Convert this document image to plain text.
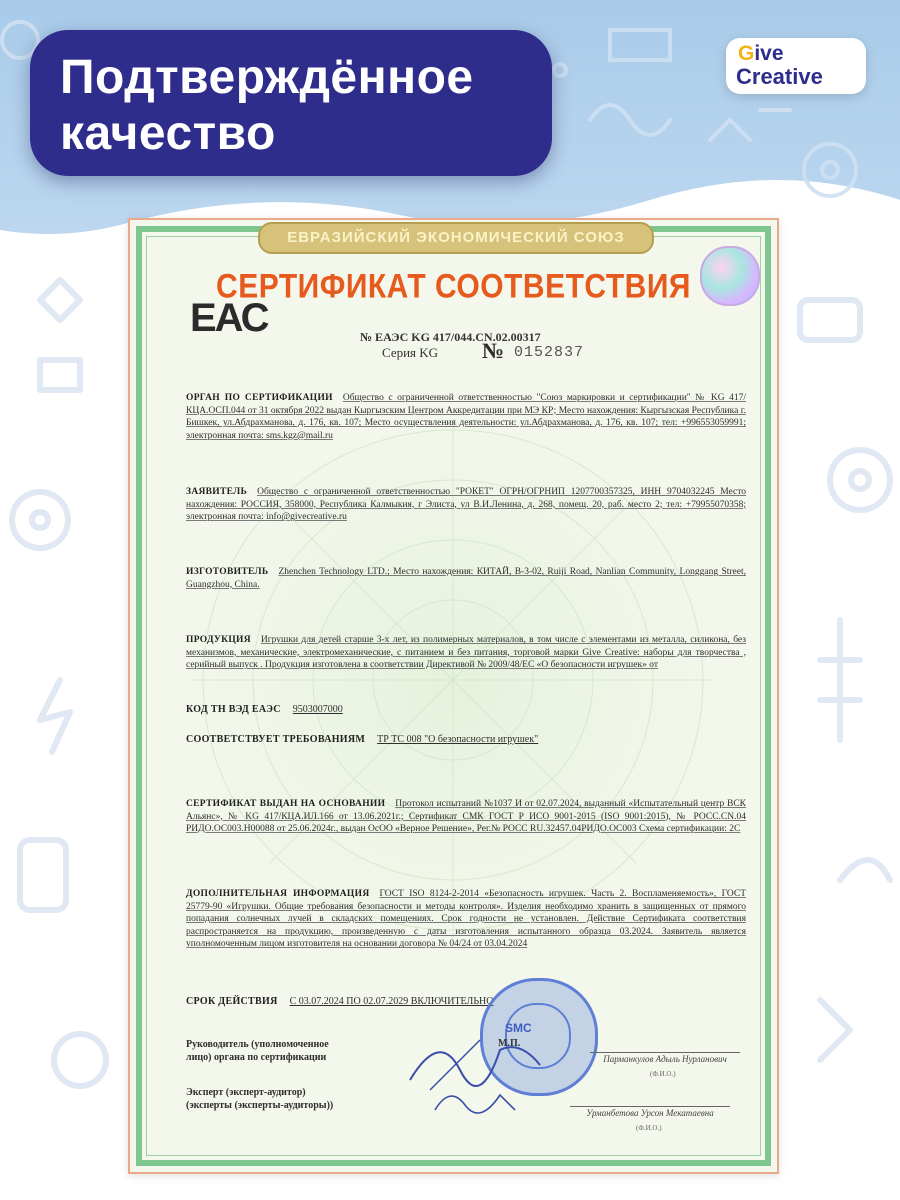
Подтверждённое
качество
Give
Creative
ЕВРАЗИЙСКИЙ ЭКОНОМИЧЕСКИЙ СОЮЗ
ЕАС
СЕРТИФИКАТ СООТВЕТСТВИЯ
№ ЕАЭС KG 417/044.CN.02.00317
Серия KG № 0152837
ОРГАН ПО СЕРТИФИКАЦИИ Общество с ограниченной ответственностью "Союз маркировки и сертификации" № KG 417/КЦА.ОСП.044 от 31 октября 2022 выдан Кыргызским Центром Аккредитации при МЭ КР; Место нахождения: Кыргызская Республика г. Бишкек, ул.Абдрахманова, д. 176, кв. 107; Место осуществления деятельности: ул.Абдрахманова, д. 176, кв. 107; тел: +996553059991; электронная почта: sms.kgz@mail.ru
ЗАЯВИТЕЛЬ Общество с ограниченной ответственностью "РОКЕТ" ОГРН/ОГРНИП 1207700357325, ИНН 9704032245 Место нахождения: РОССИЯ, 358000, Республика Калмыкия, г Элиста, ул В.И.Ленина, д. 268, помещ. 20, раб. место 2; тел: +79955070358; электронная почта: info@givecreative.ru
ИЗГОТОВИТЕЛЬ Zhenchen Technology LTD.; Место нахождения: КИТАЙ, B-3-02, Ruiji Road, Nanlian Community, Longgang Street, Guangzhou, China.
ПРОДУКЦИЯ Игрушки для детей старше 3-х лет, из полимерных материалов, в том числе с элементами из металла, силикона, без механизмов, механические, электромеханические, с питанием и без питания, торговой марки Give Creative: наборы для творчества , серийный выпуск . Продукция изготовлена в соответствии Директивой № 2009/48/ЕС «О безопасности игрушек» от
КОД ТН ВЭД ЕАЭС 9503007000
СООТВЕТСТВУЕТ ТРЕБОВАНИЯМ ТР ТС 008 "О безопасности игрушек"
СЕРТИФИКАТ ВЫДАН НА ОСНОВАНИИ Протокол испытаний №1037 И от 02.07.2024, выданный «Испытательный центр ВСК Альянс», № KG 417/КЦА.ИЛ.166 от 13.06.2021г.; Сертификат СМК ГОСТ Р ИСО 9001-2015 (ISO 9001:2015), № РОСС.CN.04 РИДО.ОС003.Н00088 от 25.06.2024г., выдан ОсОО «Верное Решение», Рег.№ РОСС RU.32457.04РИДО.ОС003 Схема сертификации: 2С
ДОПОЛНИТЕЛЬНАЯ ИНФОРМАЦИЯ ГОСТ ISO 8124-2-2014 «Безопасность игрушек. Часть 2. Воспламеняемость», ГОСТ 25779-90 «Игрушки. Общие требования безопасности и методы контроля». Изделия необходимо хранить в защищенных от прямого попадания солнечных лучей в складских помещениях. Срок годности не установлен. Действие Сертификата соответствия распространяется на продукцию, произведенную с даты изготовления испытанного образца 03.2024. Заявитель является уполномоченным лицом изготовителя на основании договора № 04/24 от 03.04.2024
СРОК ДЕЙСТВИЯ С 03.07.2024 ПО 02.07.2029 ВКЛЮЧИТЕЛЬНО
SMC
М.П.
Руководитель (уполномоченное
лицо) органа по сертификации	Парманкулов Адыль Нурланович
(Ф.И.О.)
Эксперт (эксперт-аудитор)
(эксперты (эксперты-аудиторы))
Урманбетова Урсон Мекатаевна
(Ф.И.О.)
